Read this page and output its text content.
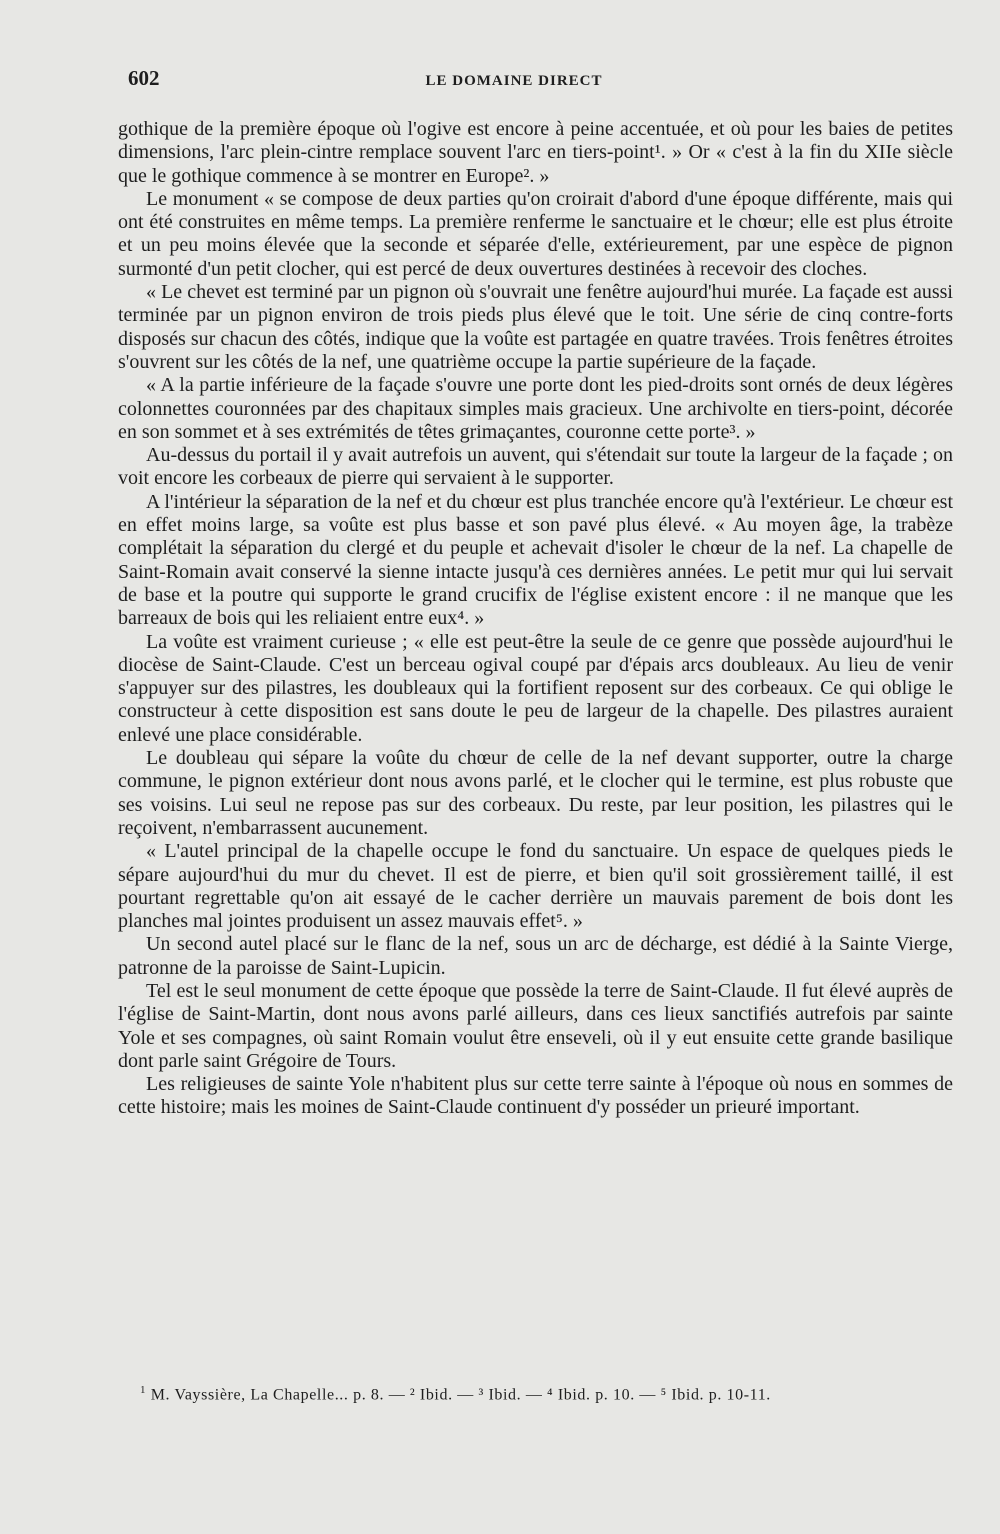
602	LE DOMAINE DIRECT

gothique de la première époque où l'ogive est encore à peine accentuée, et où pour les baies de petites dimensions, l'arc plein-cintre remplace souvent l'arc en tiers-point¹. » Or « c'est à la fin du XIIe siècle que le gothique commence à se montrer en Europe². »

Le monument « se compose de deux parties qu'on croirait d'abord d'une époque différente, mais qui ont été construites en même temps. La première renferme le sanctuaire et le chœur; elle est plus étroite et un peu moins élevée que la seconde et séparée d'elle, extérieurement, par une espèce de pignon surmonté d'un petit clocher, qui est percé de deux ouvertures destinées à recevoir des cloches.

« Le chevet est terminé par un pignon où s'ouvrait une fenêtre aujourd'hui murée. La façade est aussi terminée par un pignon environ de trois pieds plus élevé que le toit. Une série de cinq contre-forts disposés sur chacun des côtés, indique que la voûte est partagée en quatre travées. Trois fenêtres étroites s'ouvrent sur les côtés de la nef, une quatrième occupe la partie supérieure de la façade.

« A la partie inférieure de la façade s'ouvre une porte dont les pied-droits sont ornés de deux légères colonnettes couronnées par des chapitaux simples mais gracieux. Une archivolte en tiers-point, décorée en son sommet et à ses extrémités de têtes grimaçantes, couronne cette porte³. »

Au-dessus du portail il y avait autrefois un auvent, qui s'étendait sur toute la largeur de la façade ; on voit encore les corbeaux de pierre qui servaient à le supporter.

A l'intérieur la séparation de la nef et du chœur est plus tranchée encore qu'à l'extérieur. Le chœur est en effet moins large, sa voûte est plus basse et son pavé plus élevé. « Au moyen âge, la trabèze complétait la séparation du clergé et du peuple et achevait d'isoler le chœur de la nef. La chapelle de Saint-Romain avait conservé la sienne intacte jusqu'à ces dernières années. Le petit mur qui lui servait de base et la poutre qui supporte le grand crucifix de l'église existent encore : il ne manque que les barreaux de bois qui les reliaient entre eux⁴. »

La voûte est vraiment curieuse ; « elle est peut-être la seule de ce genre que possède aujourd'hui le diocèse de Saint-Claude. C'est un berceau ogival coupé par d'épais arcs doubleaux. Au lieu de venir s'appuyer sur des pilastres, les doubleaux qui la fortifient reposent sur des corbeaux. Ce qui oblige le constructeur à cette disposition est sans doute le peu de largeur de la chapelle. Des pilastres auraient enlevé une place considérable.

Le doubleau qui sépare la voûte du chœur de celle de la nef devant supporter, outre la charge commune, le pignon extérieur dont nous avons parlé, et le clocher qui le termine, est plus robuste que ses voisins. Lui seul ne repose pas sur des corbeaux. Du reste, par leur position, les pilastres qui le reçoivent, n'embarrassent aucunement.

« L'autel principal de la chapelle occupe le fond du sanctuaire. Un espace de quelques pieds le sépare aujourd'hui du mur du chevet. Il est de pierre, et bien qu'il soit grossièrement taillé, il est pourtant regrettable qu'on ait essayé de le cacher derrière un mauvais parement de bois dont les planches mal jointes produisent un assez mauvais effet⁵. »

Un second autel placé sur le flanc de la nef, sous un arc de décharge, est dédié à la Sainte Vierge, patronne de la paroisse de Saint-Lupicin.

Tel est le seul monument de cette époque que possède la terre de Saint-Claude. Il fut élevé auprès de l'église de Saint-Martin, dont nous avons parlé ailleurs, dans ces lieux sanctifiés autrefois par sainte Yole et ses compagnes, où saint Romain voulut être enseveli, où il y eut ensuite cette grande basilique dont parle saint Grégoire de Tours.

Les religieuses de sainte Yole n'habitent plus sur cette terre sainte à l'époque où nous en sommes de cette histoire; mais les moines de Saint-Claude continuent d'y posséder un prieuré important.

$^1$ M. Vayssière, La Chapelle... p. 8. — ² Ibid. — ³ Ibid. — ⁴ Ibid. p. 10. — ⁵ Ibid. p. 10-11.
